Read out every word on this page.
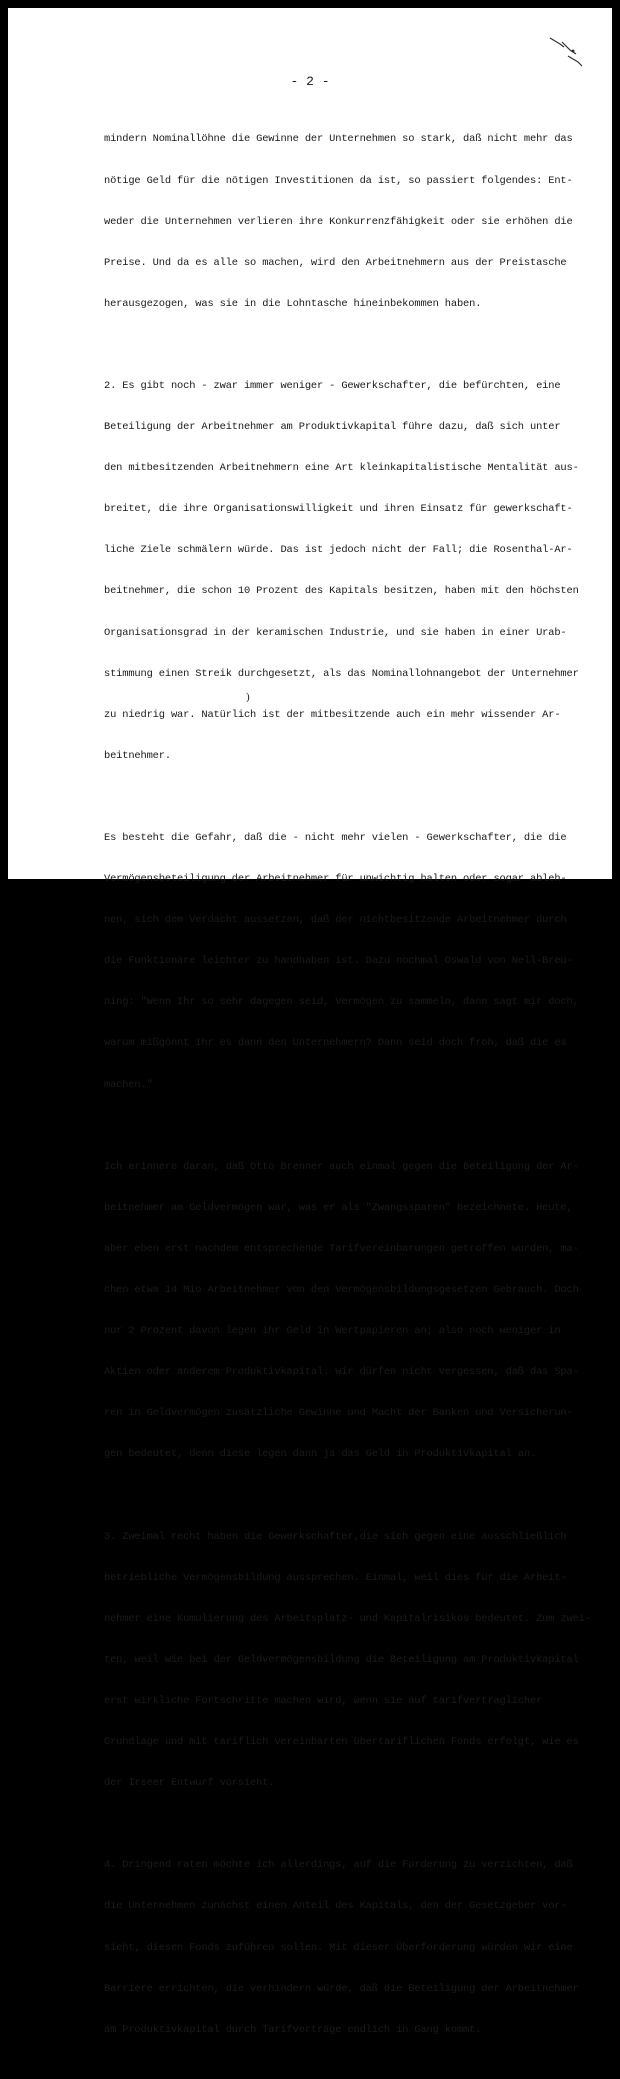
- 2 -

mindern Nominallöhne die Gewinne der Unternehmen so stark, daß nicht mehr das

nötige Geld für die nötigen Investitionen da ist, so passiert folgendes: Ent-

weder die Unternehmen verlieren ihre Konkurrenzfähigkeit oder sie erhöhen die

Preise. Und da es alle so machen, wird den Arbeitnehmern aus der Preistasche

herausgezogen, was sie in die Lohntasche hineinbekommen haben.

2. Es gibt noch - zwar immer weniger - Gewerkschafter, die befürchten, eine

Beteiligung der Arbeitnehmer am Produktivkapital führe dazu, daß sich unter

den mitbesitzenden Arbeitnehmern eine Art kleinkapitalistische Mentalität aus-

breitet, die ihre Organisationswilligkeit und ihren Einsatz für gewerkschaft-

liche Ziele schmälern würde. Das ist jedoch nicht der Fall; die Rosenthal-Ar-

beitnehmer, die schon 10 Prozent des Kapitals besitzen, haben mit den höchsten

Organisationsgrad in der keramischen Industrie, und sie haben in einer Urab-

stimmung einen Streik durchgesetzt, als das Nominallohnangebot der Unternehmer

zu niedrig war. Natürlich ist der mitbesitzende auch ein mehr wissender Ar-

beitnehmer.

Es besteht die Gefahr, daß die - nicht mehr vielen - Gewerkschafter, die die

Vermögensbeteiligung der Arbeitnehmer für unwichtig halten oder sogar ableh-

nen, sich dem Verdacht aussetzen, daß der nichtbesitzende Arbeitnehmer durch

die Funktionäre leichter zu handhaben ist. Dazu nochmal Oswald von Nell-Breu-

ning: "Wenn Ihr so sehr dagegen seid, Vermögen zu sammeln, dann sagt mir doch,

warum mißgönnt Ihr es dann den Unternehmern? Dann seid doch froh, daß die es

machen."

Ich erinnere daran, daß Otto Brenner auch einmal gegen die Beteiligung der Ar-

beitnehmer am Geldvermögen war, was er als "Zwangssparen" bezeichnete. Heute,

aber eben erst nachdem entsprechende Tarifvereinbarungen getroffen wurden, ma-

chen etwa 14 Mio Arbeitnehmer von den Vermögensbildungsgesetzen Gebrauch. Doch

nur 2 Prozent davon legen ihr Geld in Wertpapieren an; also noch weniger in

Aktien oder anderem Produktivkapital. Wir dürfen nicht vergessen, daß das Spa-

ren in Geldvermögen zusätzliche Gewinne und Macht der Banken und Versicherun-

gen bedeutet, denn diese legen dann ja das Geld in Produktivkapital an.

3. Zweimal recht haben die Gewerkschafter,die sich gegen eine ausschließlich

betriebliche Vermögensbildung aussprechen. Einmal, weil dies für die Arbeit-

nehmer eine Kumulierung des Arbeitsplatz- und Kapitalrisikos bedeutet. Zum zwei-

ten, weil wie bei der Geldvermögensbildung die Beteiligung am Produktivkapital

erst wirkliche Fortschritte machen wird, wenn sie auf tarifvertraglicher

Grundlage und mit tariflich vereinbarten übertariflichen Fonds erfolgt, wie es

der Irseer Entwurf vorsieht.

4. Dringend raten möchte ich allerdings, auf die Forderung zu verzichten, daß

die Unternehmen zunächst einen Anteil des Kapitals, den der Gesetzgeber vor-

sieht, diesen Fonds zuführen sollen. Mit dieser Überforderung würden wir eine

Barriere errichten, die verhindern würde, daß die Beteiligung der Arbeitnehmer

am Produktivkapital durch Tarifverträge endlich in Gang kommt.

)
